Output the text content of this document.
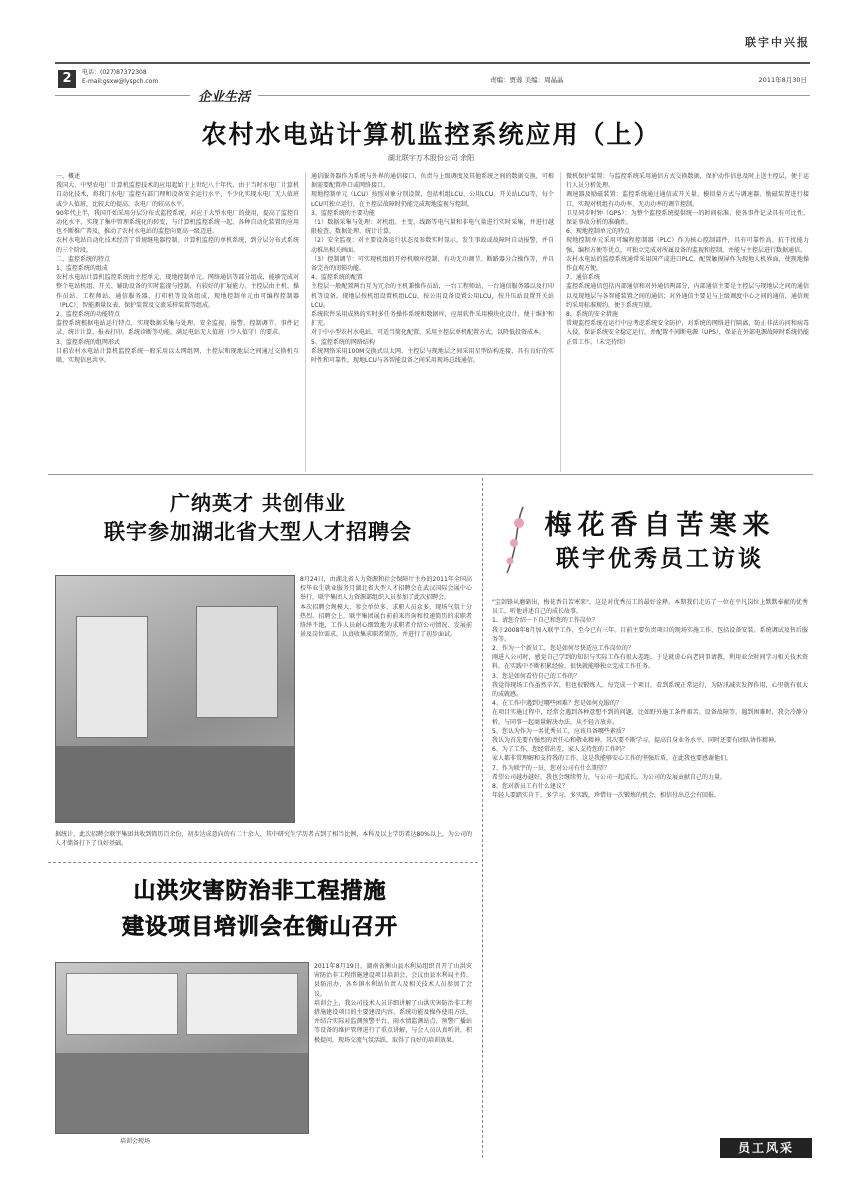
联宇中兴报
2	电话：(027)87372308
E-mail:gsxw@lyspch.com	责编：贾蓉 美编：周晶晶	2011年8月30日
企业生活
农村水电站计算机监控系统应用（上）
湖北联宇万木股份公司 余阳
一、概述
我国大、中型农电厂计算机监控技术的应用起始于上世纪八十年代，由于当时水电厂计算机自动化技术，将我门水电厂监控有部门理和设备安全运行水平、不少化实现水电厂无人值班或少人值班，比较大的提高，农电厂的较高水平。
90年代上半，我国开始采用分层分布式监控系统，对应于大型水电厂的使用，提高了监控自动化水平，实现了集中管理系统化的转变，与计算机监控系统一起，各种自动化装置的应用也不断推广普及，推动了农村水电站的监控向更高一级迈进。
农村水电站自动化技术经历了常规继电器控制、计算机监控的单机系统，到分层分布式系统的三个阶段。
二、监控系统的特点
1、监控系统的组成
农村水电站计算机监控系统由主控单元、现地控制单元、网络通信等部分组成，能够完成对整个电站机组、开关、辅助设备的实时监视与控制，有较好的扩展能力。主控层由主机、操作员站、工程师站、通信服务器、打印机等设备组成，现地控制单元由可编程控制器（PLC）、智能测量仪表、保护装置及交流采样装置等组成。
2、监控系统的功能特点
监控系统根据电站运行特点，实现数据采集与处理、安全监视、报警、控制调节、事件记录、统计计算、报表打印、系统诊断等功能，满足电站无人值班（少人值守）的要求。
3、监控系统的组网形式
目前农村水电站计算机监控系统一般采用以太网组网，主控层和现地层之间通过交换机互联，实现信息共享。
通信服务器作为系统与外界的通信接口，负责与上级调度及其他系统之间的数据交换，可根据需要配置串口或网络接口。
现地控制单元（LCU）按照对象分别设置，包括机组LCU、公用LCU、开关站LCU等，每个LCU可独立运行，在主控层故障时仍能完成现地监视与控制。
3、监控系统的主要功能
（1）数据采集与处理：对机组、主变、线路等电气量和非电气量进行实时采集，并进行越限检查、数据处理、统计计算。
（2）安全监视：对主要设备运行状态及参数实时显示，发生事故或故障时自动报警，并自动推出相关画面。
（3）控制调节：可实现机组的开停机顺序控制、有功无功调节、断路器分合操作等，并具备完善的闭锁功能。
4、监控系统的配置
主控层一般配置两台互为冗余的主机兼操作员站，一台工程师站，一台通信服务器以及打印机等设备。现地层按机组设置机组LCU，按公用设备设置公用LCU，按升压站设置开关站LCU。
系统软件采用成熟的实时多任务操作系统和数据库，应用软件采用模块化设计，便于维护和扩充。
对于中小型农村水电站，可适当简化配置，采用主控层单机配置方式，以降低投资成本。
5、监控系统的网络结构
系统网络采用100M交换式以太网，主控层与现地层之间采用星型结构连接，具有良好的实时性和可靠性，现地LCU与各智能设备之间采用现场总线通信。
微机保护装置：与监控系统采用通信方式交换数据，保护动作信息及时上送主控层，便于运行人员分析处理。
调速器及励磁装置：监控系统通过通信或开关量、模拟量方式与调速器、励磁装置进行接口，实现对机组有功功率、无功功率的调节控制。
卫星同步时钟（GPS）：为整个监控系统提供统一的时间标准，使各事件记录具有可比性，保证事故分析的准确性。
6、现地控制单元的特点
现地控制单元采用可编程控制器（PLC）作为核心控制部件，具有可靠性高、抗干扰能力强、编程方便等优点，可独立完成对所属设备的监视和控制，并能与主控层进行数据通信。
农村水电站的监控系统通常采用国产或进口PLC，配置触摸屏作为现地人机界面，使现地操作直观方便。
7、通信系统
监控系统通信包括内部通信和对外通信两部分，内部通信主要是主控层与现地层之间的通信以及现地层与各智能装置之间的通信；对外通信主要是与上级调度中心之间的通信，通信规约采用标准规约，便于系统互联。
8、系统的安全措施
常规监控系统在运行中应考虑系统安全防护，对系统的网络进行隔离，防止非法访问和病毒入侵，保证系统安全稳定运行，并配置不间断电源（UPS），保证在外部电源故障时系统仍能正常工作。（未完待续）
广纳英才 共创伟业
联宇参加湖北省大型人才招聘会
8月24日，由湖北省人力资源和社会保障厅主办的2011年全国高校毕业生就业服务月湖北省大型人才招聘会在武汉国际会展中心举行，联宇集团人力资源部组织人员参加了此次招聘会。
本次招聘会规模大、参会单位多、求职人员众多，现场气氛十分热烈。招聘会上，联宇集团展台前前来咨询和投递简历的求职者络绎不绝，工作人员耐心细致地为求职者介绍公司情况、发展前景及岗位需求，认真收集求职者简历，并进行了初步面试。
据统计，此次招聘会联宇集团共收到简历百余份，初步达成意向的有二十余人，其中研究生学历者占到了相当比例，本科及以上学历者达80%以上，为公司的人才储备打下了良好基础。
山洪灾害防治非工程措施
建设项目培训会在衡山召开
培训会现场
2011年8月19日，湖南省衡山县水利局组织召开了山洪灾害防治非工程措施建设项目培训会，会议由县水利局主持，县防汛办、各乡镇水利站负责人及相关技术人员参加了会议。
培训会上，我公司技术人员详细讲解了山洪灾害防治非工程措施建设项目的主要建设内容、系统功能及操作使用方法，并结合实际对监测预警平台、雨水情监测站点、预警广播站等设备的维护管理进行了重点讲解，与会人员认真听讲，积极提问，现场交流气氛活跃，取得了良好的培训效果。
梅花香自苦寒来
联宇优秀员工访谈
"宝剑锋从磨砺出，梅花香自苦寒来"，这是对优秀员工的最好诠释。本期我们走访了一位在平凡岗位上默默奉献的优秀员工，听他讲述自己的成长故事。
1、请您介绍一下自己和您的工作岗位？
我于2008年8月加入联宇工作，至今已有三年。目前主要负责项目的现场实施工作，包括设备安装、系统调试及售后服务等。
2、作为一个新员工，您是如何尽快适应工作岗位的？
刚进入公司时，感觉自己学到的知识与实际工作有很大差距，于是就虚心向老同事请教，利用业余时间学习相关技术资料，在实践中不断积累经验，很快就能够独立完成工作任务。
3、您是如何看待自己的工作的？
我觉得现场工作虽然辛苦，但也很锻炼人。每完成一个项目，看到系统正常运行，为防汛减灾发挥作用，心里就有很大的成就感。
4、在工作中遇到过哪些困难？您是如何克服的？
在项目实施过程中，经常会遇到各种意想不到的问题，比如野外施工条件艰苦、设备故障等。遇到困难时，我会冷静分析，与同事一起商量解决办法，从不轻言放弃。
5、您认为作为一名优秀员工，应该具备哪些素质？
我认为首先要有强烈的责任心和敬业精神，其次要不断学习，提高自身业务水平，同时还要有团队协作精神。
6、为了工作，您经常出差，家人支持您的工作吗？
家人都非常理解和支持我的工作，这是我能够安心工作的坚强后盾，在此我也要感谢他们。
7、作为联宇的一员，您对公司有什么期望？
希望公司越办越好，我也会继续努力，与公司一起成长，为公司的发展贡献自己的力量。
8、您对新员工有什么建议？
年轻人要踏实肯干，多学习，多实践，珍惜每一次锻炼的机会，相信付出总会有回报。
员工风采
